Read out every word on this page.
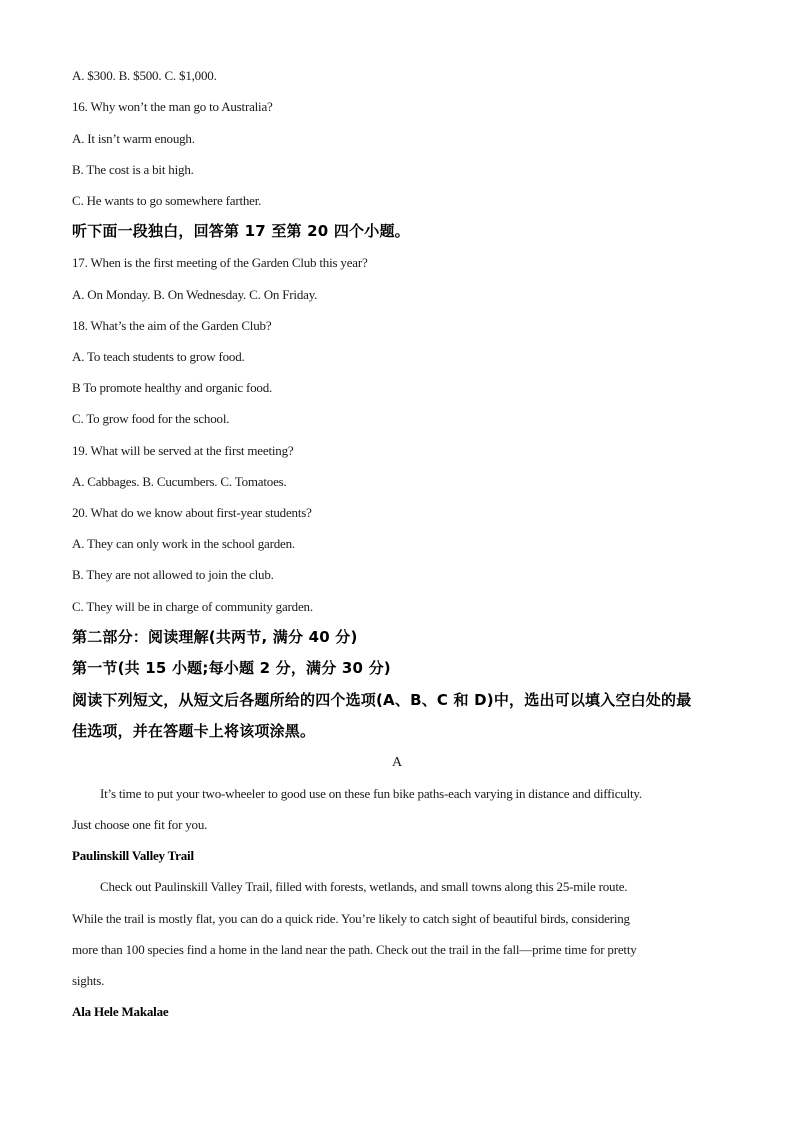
A. $300. B. $500. C. $1,000.

16. Why won’t the man go to Australia?

A. It isn’t warm enough.

B. The cost is a bit high.

C. He wants to go somewhere farther.

听下面一段独白，回答第 17 至第 20 四个小题。

17. When is the first meeting of the Garden Club this year?

A. On Monday. B. On Wednesday. C. On Friday.

18. What’s the aim of the Garden Club?

A. To teach students to grow food.

B To promote healthy and organic food.

C. To grow food for the school.

19. What will be served at the first meeting?

A. Cabbages. B. Cucumbers. C. Tomatoes.

20. What do we know about first-year students?

A. They can only work in the school garden.

B. They are not allowed to join the club.

C. They will be in charge of community garden.

第二部分：阅读理解(共两节, 满分 40 分)

第一节(共 15 小题;每小题 2 分，满分 30 分)

阅读下列短文，从短文后各题所给的四个选项(A、B、C 和 D)中，选出可以填入空白处的最

佳选项，并在答题卡上将该项涂黑。

A

It’s time to put your two-wheeler to good use on these fun bike paths-each varying in distance and difficulty.

Just choose one fit for you.

Paulinskill Valley Trail

Check out Paulinskill Valley Trail, filled with forests, wetlands, and small towns along this 25-mile route.

While the trail is mostly flat, you can do a quick ride. You’re likely to catch sight of beautiful birds, considering

more than 100 species find a home in the land near the path. Check out the trail in the fall—prime time for pretty

sights.

Ala Hele Makalae
